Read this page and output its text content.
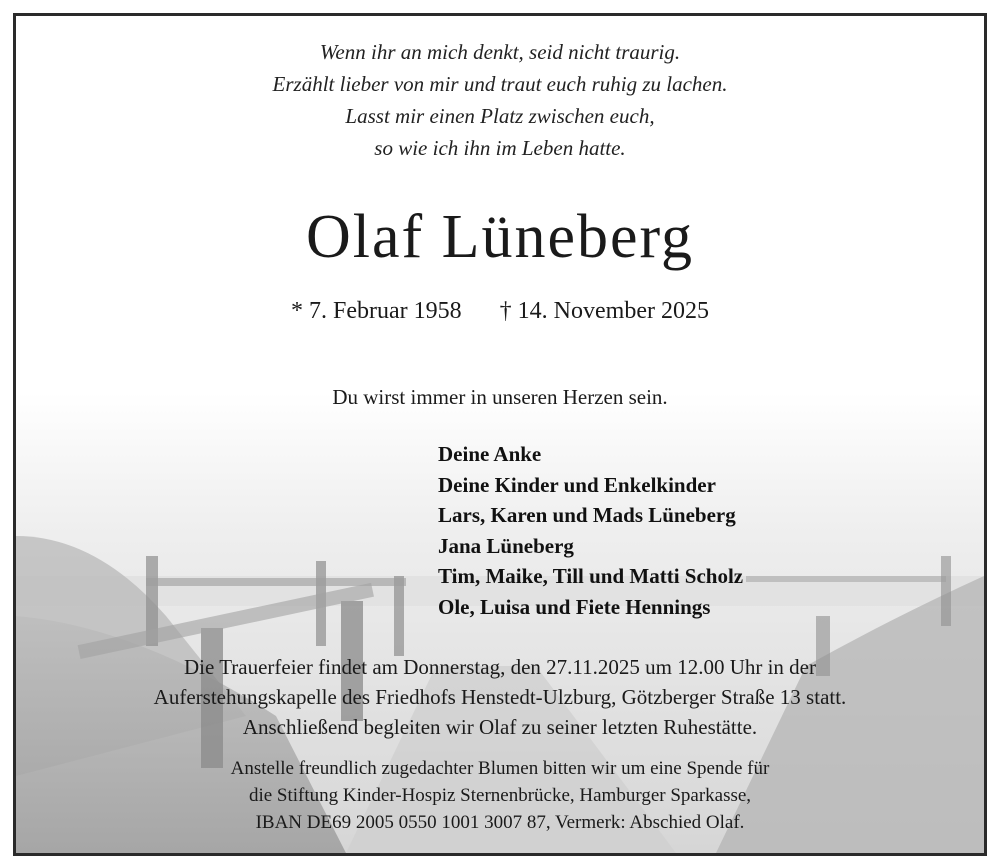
Wenn ihr an mich denkt, seid nicht traurig.
Erzählt lieber von mir und traut euch ruhig zu lachen.
Lasst mir einen Platz zwischen euch,
so wie ich ihn im Leben hatte.
Olaf Lüneberg
* 7. Februar 1958 † 14. November 2025
Du wirst immer in unseren Herzen sein.
Deine Anke
Deine Kinder und Enkelkinder
Lars, Karen und Mads Lüneberg
Jana Lüneberg
Tim, Maike, Till und Matti Scholz
Ole, Luisa und Fiete Hennings
Die Trauerfeier findet am Donnerstag, den 27.11.2025 um 12.00 Uhr in der
Auferstehungskapelle des Friedhofs Henstedt-Ulzburg, Götzberger Straße 13 statt.
Anschließend begleiten wir Olaf zu seiner letzten Ruhestätte.
Anstelle freundlich zugedachter Blumen bitten wir um eine Spende für
die Stiftung Kinder-Hospiz Sternenbrücke, Hamburger Sparkasse,
IBAN DE69 2005 0550 1001 3007 87, Vermerk: Abschied Olaf.
